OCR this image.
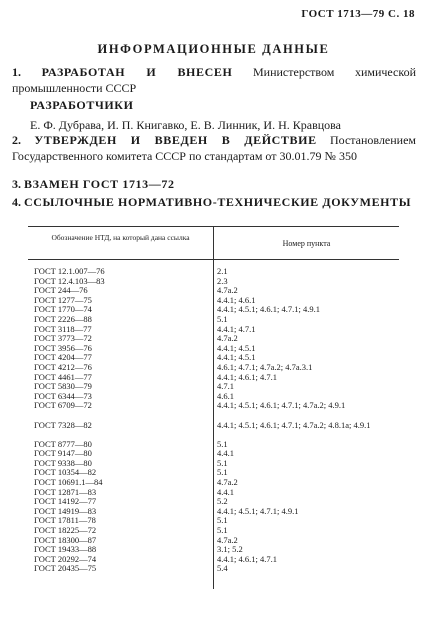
ГОСТ 1713—79 С. 18
ИНФОРМАЦИОННЫЕ ДАННЫЕ
1. РАЗРАБОТАН И ВНЕСЕН Министерством химической промышленности СССР
РАЗРАБОТЧИКИ
Е. Ф. Дубрава, И. П. Книгавко, Е. В. Линник, И. Н. Кравцова
2. УТВЕРЖДЕН И ВВЕДЕН В ДЕЙСТВИЕ Постановлением Государственного комитета СССР по стандартам от 30.01.79 № 350
3. ВЗАМЕН ГОСТ 1713—72
4. ССЫЛОЧНЫЕ НОРМАТИВНО-ТЕХНИЧЕСКИЕ ДОКУМЕНТЫ
Обозначение НТД, на который дана ссылка
Номер пункта
ГОСТ 12.1.007—76	2.1
ГОСТ 12.4.103—83	2.3
ГОСТ 244—76	4.7а.2
ГОСТ 1277—75	4.4.1; 4.6.1
ГОСТ 1770—74	4.4.1; 4.5.1; 4.6.1; 4.7.1; 4.9.1
ГОСТ 2226—88	5.1
ГОСТ 3118—77	4.4.1; 4.7.1
ГОСТ 3773—72	4.7а.2
ГОСТ 3956—76	4.4.1; 4.5.1
ГОСТ 4204—77	4.4.1; 4.5.1
ГОСТ 4212—76	4.6.1; 4.7.1; 4.7а.2; 4.7а.3.1
ГОСТ 4461—77	4.4.1; 4.6.1; 4.7.1
ГОСТ 5830—79	4.7.1
ГОСТ 6344—73	4.6.1
ГОСТ 6709—72	4.4.1; 4.5.1; 4.6.1; 4.7.1; 4.7а.2; 4.9.1
ГОСТ 7328—82	4.4.1; 4.5.1; 4.6.1; 4.7.1; 4.7а.2; 4.8.1а; 4.9.1
ГОСТ 8777—80	5.1
ГОСТ 9147—80	4.4.1
ГОСТ 9338—80	5.1
ГОСТ 10354—82	5.1
ГОСТ 10691.1—84	4.7а.2
ГОСТ 12871—83	4.4.1
ГОСТ 14192—77	5.2
ГОСТ 14919—83	4.4.1; 4.5.1; 4.7.1; 4.9.1
ГОСТ 17811—78	5.1
ГОСТ 18225—72	5.1
ГОСТ 18300—87	4.7а.2
ГОСТ 19433—88	3.1; 5.2
ГОСТ 20292—74	4.4.1; 4.6.1; 4.7.1
ГОСТ 20435—75	5.4
